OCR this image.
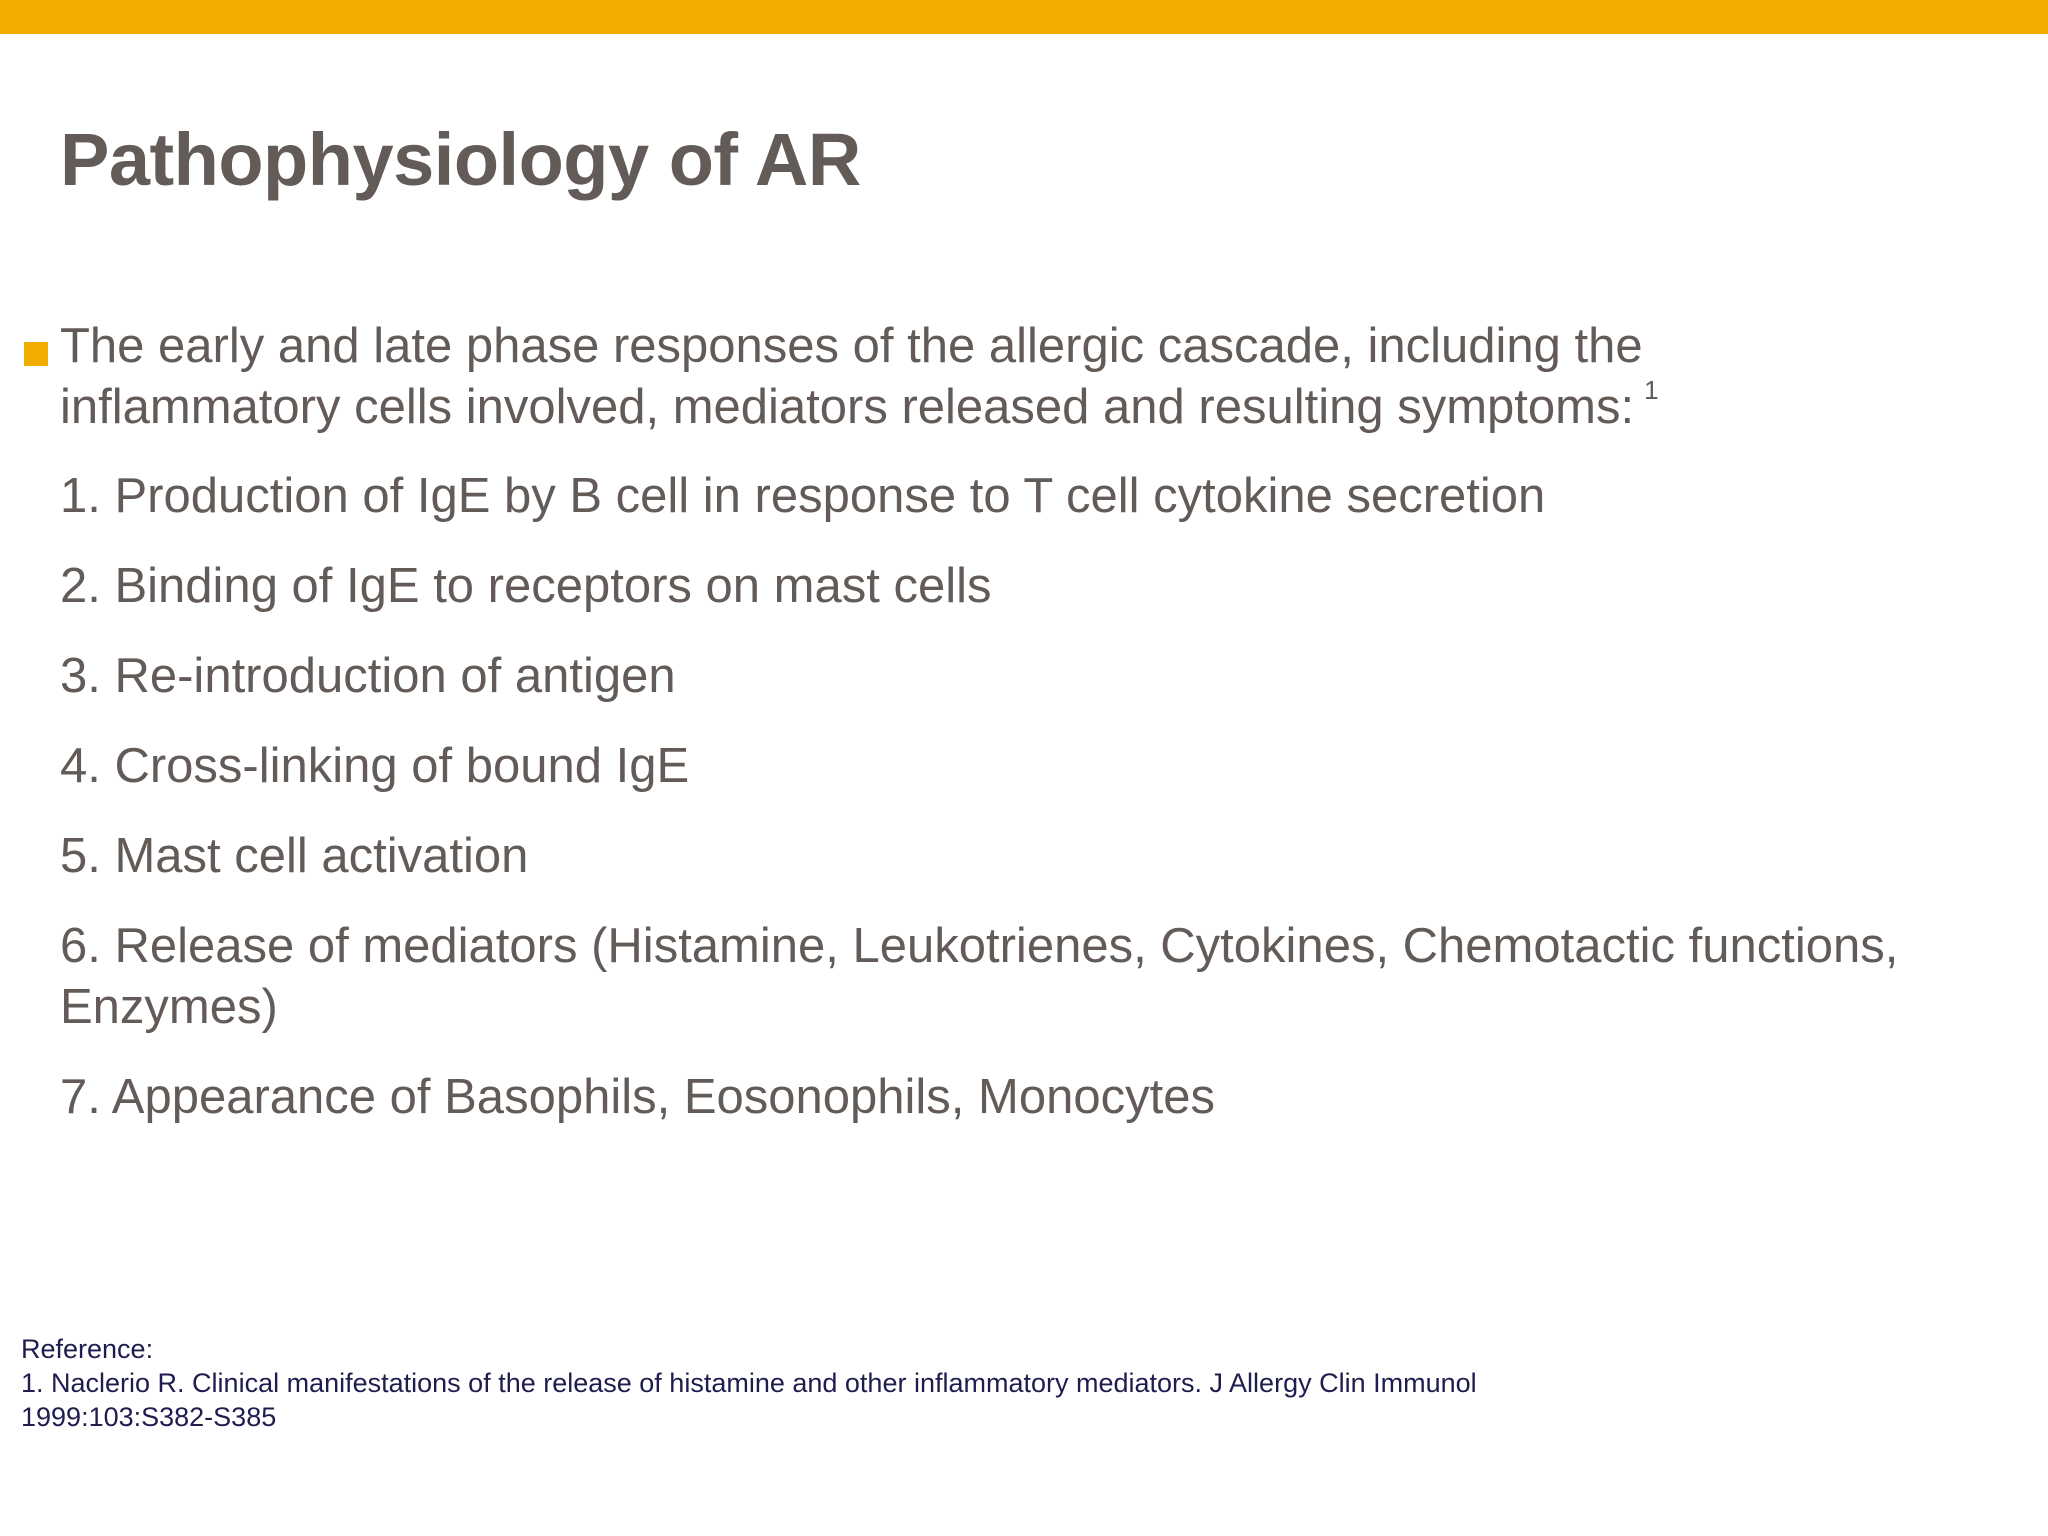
Pathophysiology of AR
The early and late phase responses of the allergic cascade, including the inflammatory cells involved, mediators released and resulting symptoms: $^1$
1. Production of IgE by B cell in response to T cell cytokine secretion
2. Binding of IgE to receptors on mast cells
3. Re-introduction of antigen
4. Cross-linking of bound IgE
5. Mast cell activation
6. Release of mediators (Histamine, Leukotrienes, Cytokines, Chemotactic functions, Enzymes)
7. Appearance of Basophils, Eosonophils, Monocytes
Reference:
1. Naclerio R. Clinical manifestations of the release of histamine and other inflammatory mediators. J Allergy Clin Immunol
1999:103:S382-S385
